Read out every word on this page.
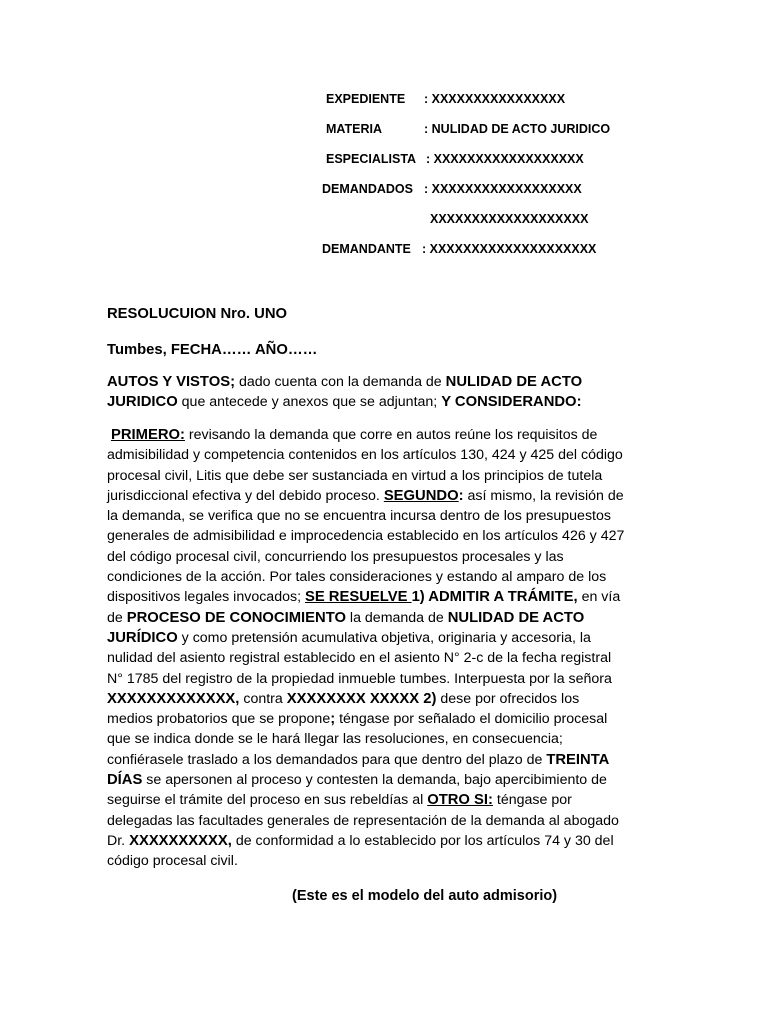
EXPEDIENTE : XXXXXXXXXXXXXXXX
MATERIA	: NULIDAD DE ACTO JURIDICO
ESPECIALISTA : XXXXXXXXXXXXXXXXXX
DEMANDADOS : XXXXXXXXXXXXXXXXXX
XXXXXXXXXXXXXXXXXXX
DEMANDANTE : XXXXXXXXXXXXXXXXXXXX
RESOLUCUION Nro. UNO
Tumbes, FECHA…… AÑO……
AUTOS Y VISTOS; dado cuenta con la demanda de NULIDAD DE ACTO
JURIDICO que antecede y anexos que se adjuntan; Y CONSIDERANDO:
PRIMERO: revisando la demanda que corre en autos reúne los requisitos de
admisibilidad y competencia contenidos en los artículos 130, 424 y 425 del código
procesal civil, Litis que debe ser sustanciada en virtud a los principios de tutela
jurisdiccional efectiva y del debido proceso. SEGUNDO: así mismo, la revisión de
la demanda, se verifica que no se encuentra incursa dentro de los presupuestos
generales de admisibilidad e improcedencia establecido en los artículos 426 y 427
del código procesal civil, concurriendo los presupuestos procesales y las
condiciones de la acción. Por tales consideraciones y estando al amparo de los
dispositivos legales invocados; SE RESUELVE 1) ADMITIR A TRÁMITE, en vía
de PROCESO DE CONOCIMIENTO la demanda de NULIDAD DE ACTO
JURÍDICO y como pretensión acumulativa objetiva, originaria y accesoria, la
nulidad del asiento registral establecido en el asiento N° 2-c de la fecha registral
N° 1785 del registro de la propiedad inmueble tumbes. Interpuesta por la señora
XXXXXXXXXXXXX, contra XXXXXXXX XXXXX 2) dese por ofrecidos los
medios probatorios que se propone; téngase por señalado el domicilio procesal
que se indica donde se le hará llegar las resoluciones, en consecuencia;
confiérasele traslado a los demandados para que dentro del plazo de TREINTA
DÍAS se apersonen al proceso y contesten la demanda, bajo apercibimiento de
seguirse el trámite del proceso en sus rebeldías al OTRO SI: téngase por
delegadas las facultades generales de representación de la demanda al abogado
Dr. XXXXXXXXXX, de conformidad a lo establecido por los artículos 74 y 30 del
código procesal civil.
(Este es el modelo del auto admisorio)
